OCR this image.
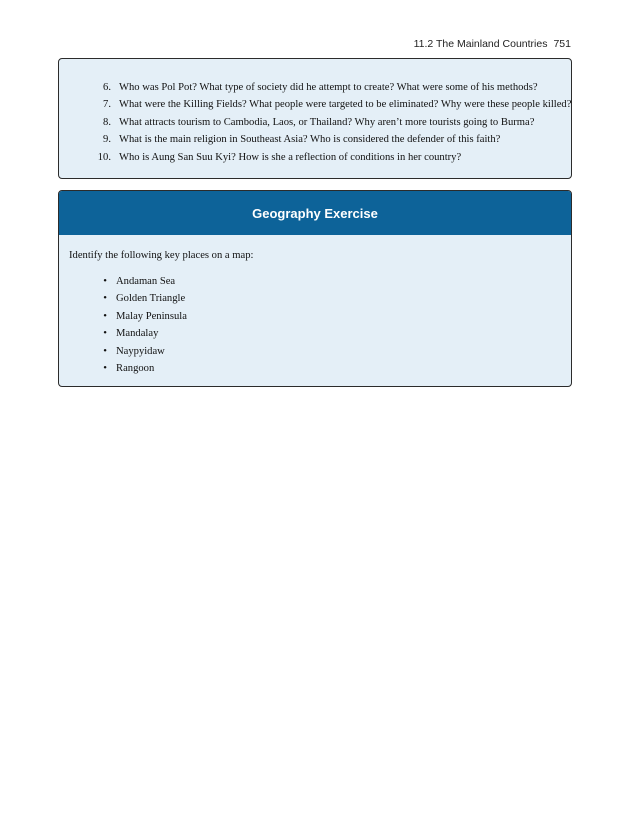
11.2 The Mainland Countries 751
6. Who was Pol Pot? What type of society did he attempt to create? What were some of his methods?
7. What were the Killing Fields? What people were targeted to be eliminated? Why were these people killed?
8. What attracts tourism to Cambodia, Laos, or Thailand? Why aren’t more tourists going to Burma?
9. What is the main religion in Southeast Asia? Who is considered the defender of this faith?
10. Who is Aung San Suu Kyi? How is she a reflection of conditions in her country?
Geography Exercise

Identify the following key places on a map:

• Andaman Sea
• Golden Triangle
• Malay Peninsula
• Mandalay
• Naypyidaw
• Rangoon
